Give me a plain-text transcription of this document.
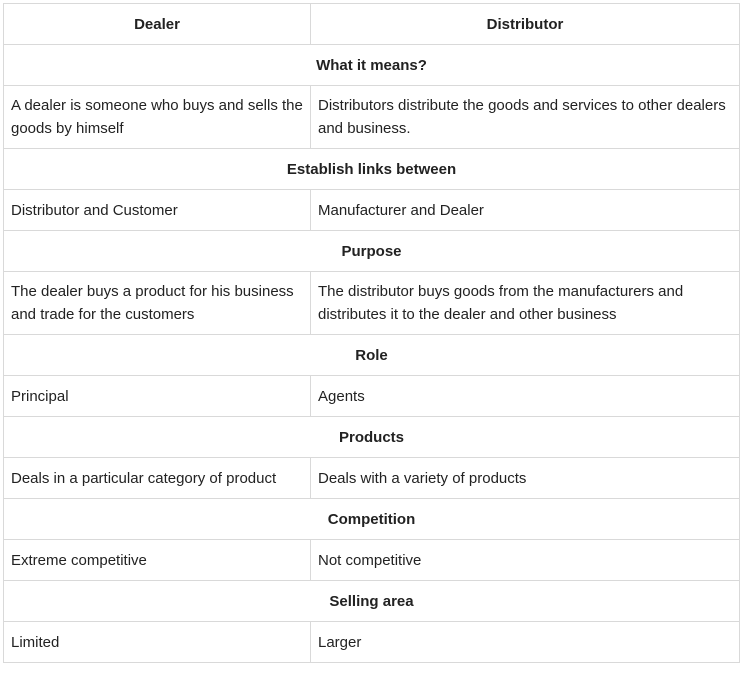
Dealer	Distributor
What it means?	
A dealer is someone who buys and sells the goods by himself	Distributors distribute the goods and services to other dealers and business.
Establish links between	
Distributor and Customer	Manufacturer and Dealer
Purpose	
The dealer buys a product for his business and trade for the customers	The distributor buys goods from the manufacturers and distributes it to the dealer and other business
Role	
Principal	Agents
Products	
Deals in a particular category of product	Deals with a variety of products
Competition	
Extreme competitive	Not competitive
Selling area	
Limited	Larger
